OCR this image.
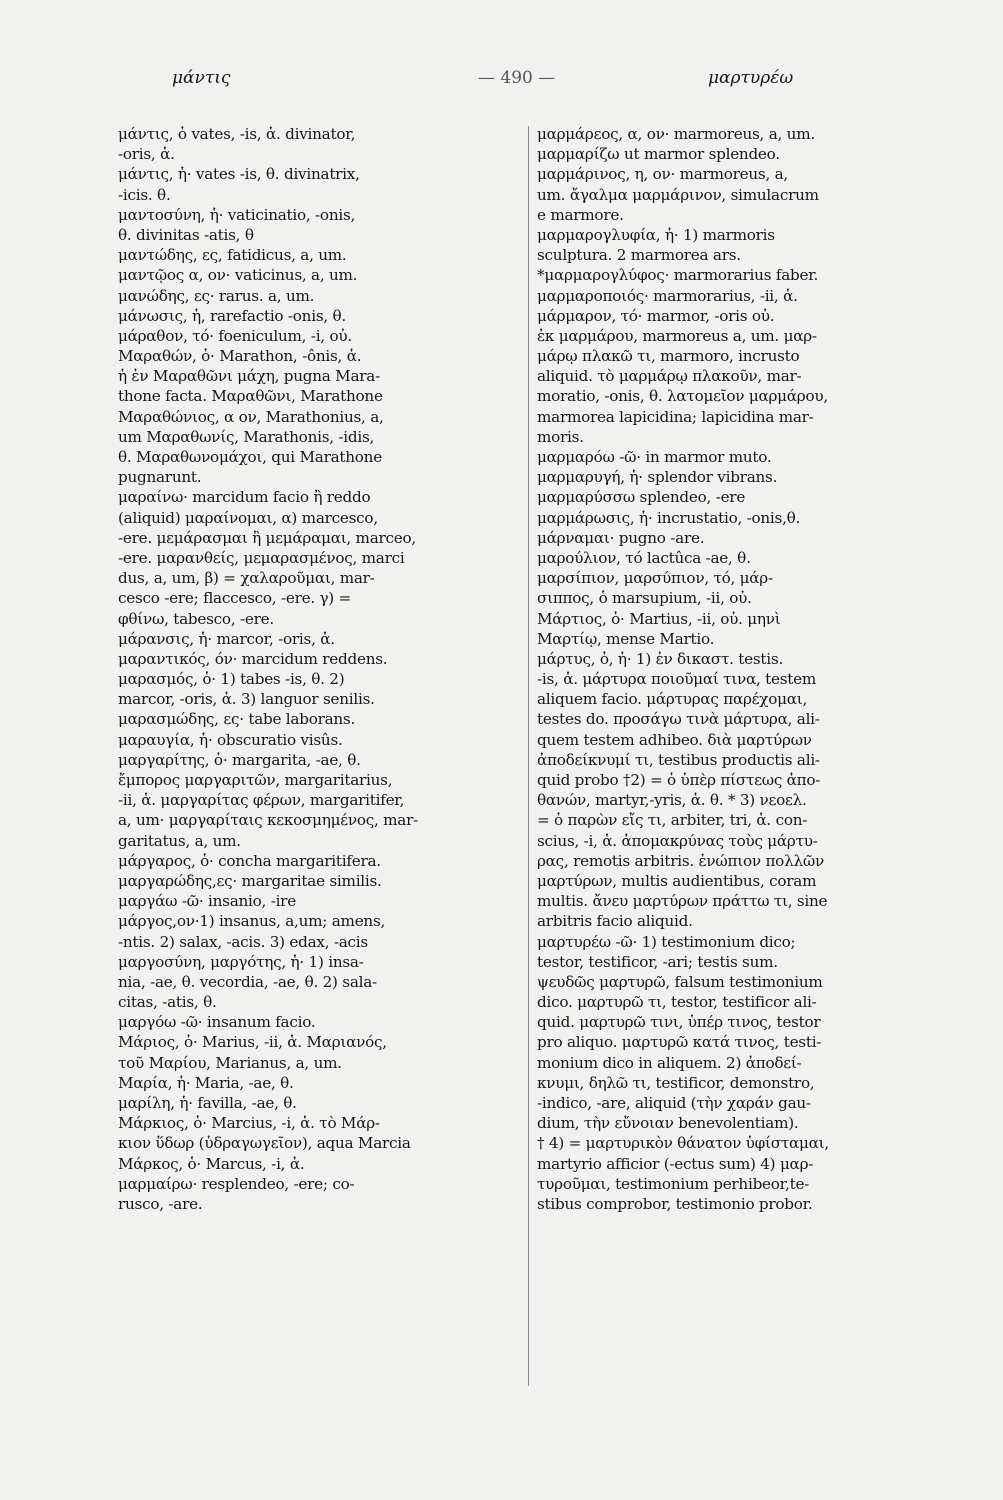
μάντις	— 490 —	μαρτυρέω
μάντις, ὁ vates, -is, ἁ. divinator,
-oris, ἁ.
μάντις, ἡ· vates -is, θ. divinatrix,
-icis. θ.
μαντοσύνη, ἡ· vaticinatio, -onis,
θ. divinitas -atis, θ
μαντώδης, ες, fatidicus, a, um.
μαντῷος α, ον· vaticinus, a, um.
μανώδης, ες· rarus. a, um.
μάνωσις, ἡ, rarefactio -onis, θ.
μάραθον, τό· foeniculum, -i, οὐ.
Μαραθών, ὁ· Marathon, -ônis, ἁ.
ἡ ἐν Μαραθῶνι μάχη, pugna Mara-
thone facta. Μαραθῶνι, Marathone
Μαραθώνιος, α ον, Marathonius, a,
um Μαραθωνίς, Marathonis, -idis,
θ. Μαραθωνομάχοι, qui Marathone
pugnarunt.
μαραίνω· marcidum facio ἢ reddo
(aliquid) μαραίνομαι, α) marcesco,
-ere. μεμάρασμαι ἢ μεμάραμαι, marceo,
-ere. μαρανθείς, μεμαρασμένος, marci
dus, a, um, β) = χαλαροῦμαι, mar-
cesco -ere; flaccesco, -ere. γ) =
φθίνω, tabesco, -ere.
μάρανσις, ἡ· marcor, -oris, ἁ.
μαραντικός, όν· marcidum reddens.
μαρασμός, ὁ· 1) tabes -is, θ. 2)
marcor, -oris, ἁ. 3) languor senilis.
μαρασμώδης, ες· tabe laborans.
μαραυγία, ἡ· obscuratio visûs.
μαργαρίτης, ὁ· margarita, -ae, θ.
ἔμπορος μαργαριτῶν, margaritarius,
-ii, ἁ. μαργαρίτας φέρων, margaritifer,
a, um· μαργαρίταις κεκοσμημένος, mar-
garitatus, a, um.
μάργαρος, ὁ· concha margaritifera.
μαργαρώδης,ες· margaritae similis.
μαργάω -ῶ· insanio, -ire
μάργος,ον·1) insanus, a,um; amens,
-ntis. 2) salax, -acis. 3) edax, -acis
μαργοσύνη, μαργότης, ἡ· 1) insa-
nia, -ae, θ. vecordia, -ae, θ. 2) sala-
citas, -atis, θ.
μαργόω -ῶ· insanum facio.
Μάριος, ὁ· Marius, -ii, ἁ. Μαριανός,
τοῦ Μαρίου, Marianus, a, um.
Μαρία, ἡ· Maria, -ae, θ.
μαρίλη, ἡ· favilla, -ae, θ.
Μάρκιος, ὁ· Marcius, -i, ἁ. τὸ Μάρ-
κιον ὕδωρ (ὑδραγωγεῖον), aqua Marcia
Μάρκος, ὁ· Marcus, -i, ἁ.
μαρμαίρω· resplendeo, -ere; co-
rusco, -are.
μαρμάρεος, α, ον· marmoreus, a, um.
μαρμαρίζω ut marmor splendeo.
μαρμάρινος, η, ον· marmoreus, a,
um. ἄγαλμα μαρμάρινον, simulacrum
e marmore.
μαρμαρογλυφία, ἡ· 1) marmoris
sculptura. 2 marmorea ars.
*μαρμαρογλύφος· marmorarius faber.
μαρμαροποιός· marmorarius, -ii, ἁ.
μάρμαρον, τό· marmor, -oris οὐ.
ἐκ μαρμάρου, marmoreus a, um. μαρ-
μάρῳ πλακῶ τι, marmoro, incrusto
aliquid. τὸ μαρμάρῳ πλακοῦν, mar-
moratio, -onis, θ. λατομεῖον μαρμάρου,
marmorea lapicidina; lapicidina mar-
moris.
μαρμαρόω -ῶ· in marmor muto.
μαρμαρυγή, ἡ· splendor vibrans.
μαρμαρύσσω splendeo, -ere
μαρμάρωσις, ἡ· incrustatio, -onis,θ.
μάρναμαι· pugno -are.
μαρούλιον, τό lactûca -ae, θ.
μαρσίπιον, μαρσύπιον, τό, μάρ-
σιππος, ὁ marsupium, -ii, οὐ.
Μάρτιος, ὁ· Martius, -ii, οὐ. μηνὶ
Μαρτίῳ, mense Martio.
μάρτυς, ὁ, ἡ· 1) ἐν δικαστ. testis.
-is, ἁ. μάρτυρα ποιοῦμαί τινα, testem
aliquem facio. μάρτυρας παρέχομαι,
testes do. προσάγω τινὰ μάρτυρα, ali-
quem testem adhibeo. διὰ μαρτύρων
ἀποδείκνυμί τι, testibus productis ali-
quid probo †2) = ὁ ὑπὲρ πίστεως ἀπο-
θανών, martyr,-yris, ἁ. θ. * 3) νεοελ.
= ὁ παρὼν εἴς τι, arbiter, tri, ἁ. con-
scius, -i, ἁ. ἀπομακρύνας τοὺς μάρτυ-
ρας, remotis arbitris. ἐνώπιον πολλῶν
μαρτύρων, multis audientibus, coram
multis. ἄνευ μαρτύρων πράττω τι, sine
arbitris facio aliquid.
μαρτυρέω -ῶ· 1) testimonium dico;
testor, testificor, -ari; testis sum.
ψευδῶς μαρτυρῶ, falsum testimonium
dico. μαρτυρῶ τι, testor, testificor ali-
quid. μαρτυρῶ τινι, ὑπέρ τινος, testor
pro aliquo. μαρτυρῶ κατά τινος, testi-
monium dico in aliquem. 2) ἀποδεί-
κνυμι, δηλῶ τι, testificor, demonstro,
-indico, -are, aliquid (τὴν χαράν gau-
dium, τὴν εὔνοιαν benevolentiam).
† 4) = μαρτυρικὸν θάνατον ὑφίσταμαι,
martyrio afficior (-ectus sum) 4) μαρ-
τυροῦμαι, testimonium perhibeor,te-
stibus comprobor, testimonio probor.
